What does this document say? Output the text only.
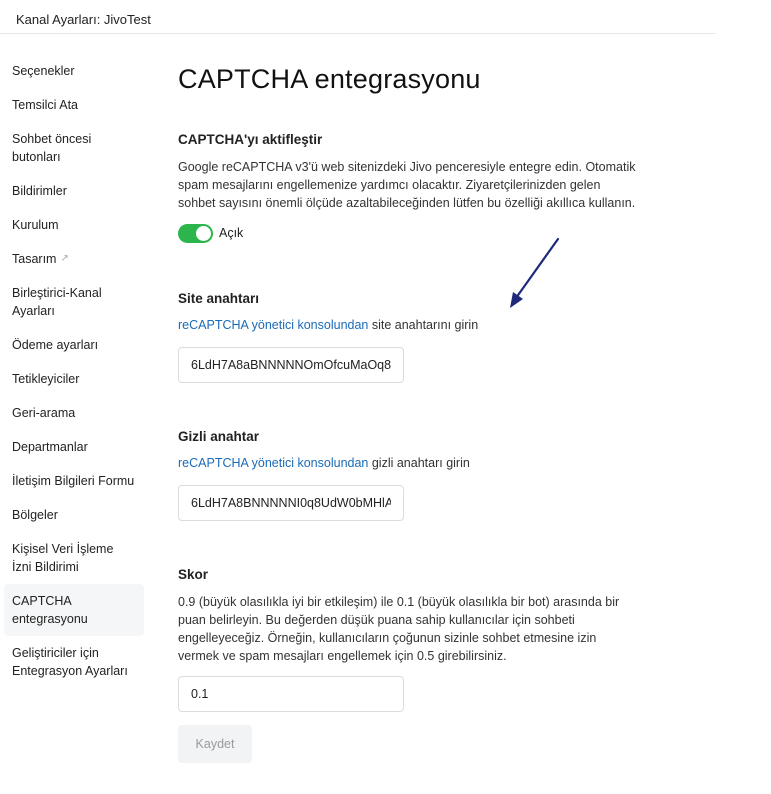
Kanal Ayarları: JivoTest
Seçenekler
Temsilci Ata
Sohbet öncesi butonları
Bildirimler
Kurulum
Tasarım ↗
Birleştirici-Kanal Ayarları
Ödeme ayarları
Tetikleyiciler
Geri-arama
Departmanlar
İletişim Bilgileri Formu
Bölgeler
Kişisel Veri İşleme İzni Bildirimi
CAPTCHA entegrasyonu
Geliştiriciler için Entegrasyon Ayarları
CAPTCHA entegrasyonu
CAPTCHA'yı aktifleştir

Google reCAPTCHA v3'ü web sitenizdeki Jivo penceresiyle entegre edin. Otomatik spam mesajlarını engellemenize yardımcı olacaktır. Ziyaretçilerinizden gelen sohbet sayısını önemli ölçüde azaltabileceğinden lütfen bu özelliği akıllıca kullanın.

Açık
Site anahtarı
reCAPTCHA yönetici konsolundan site anahtarını girin
6LdH7A8aBNNNNNOmOfcuMaOq8B
Gizli anahtar
reCAPTCHA yönetici konsolundan gizli anahtarı girin
6LdH7A8BNNNNNI0q8UdW0bMHlAc
Skor

0.9 (büyük olasılıkla iyi bir etkileşim) ile 0.1 (büyük olasılıkla bir bot) arasında bir puan belirleyin. Bu değerden düşük puana sahip kullanıcılar için sohbeti engelleyeceğiz. Örneğin, kullanıcıların çoğunun sizinle sohbet etmesine izin vermek ve spam mesajları engellemek için 0.5 girebilirsiniz.

0.1
Kaydet
